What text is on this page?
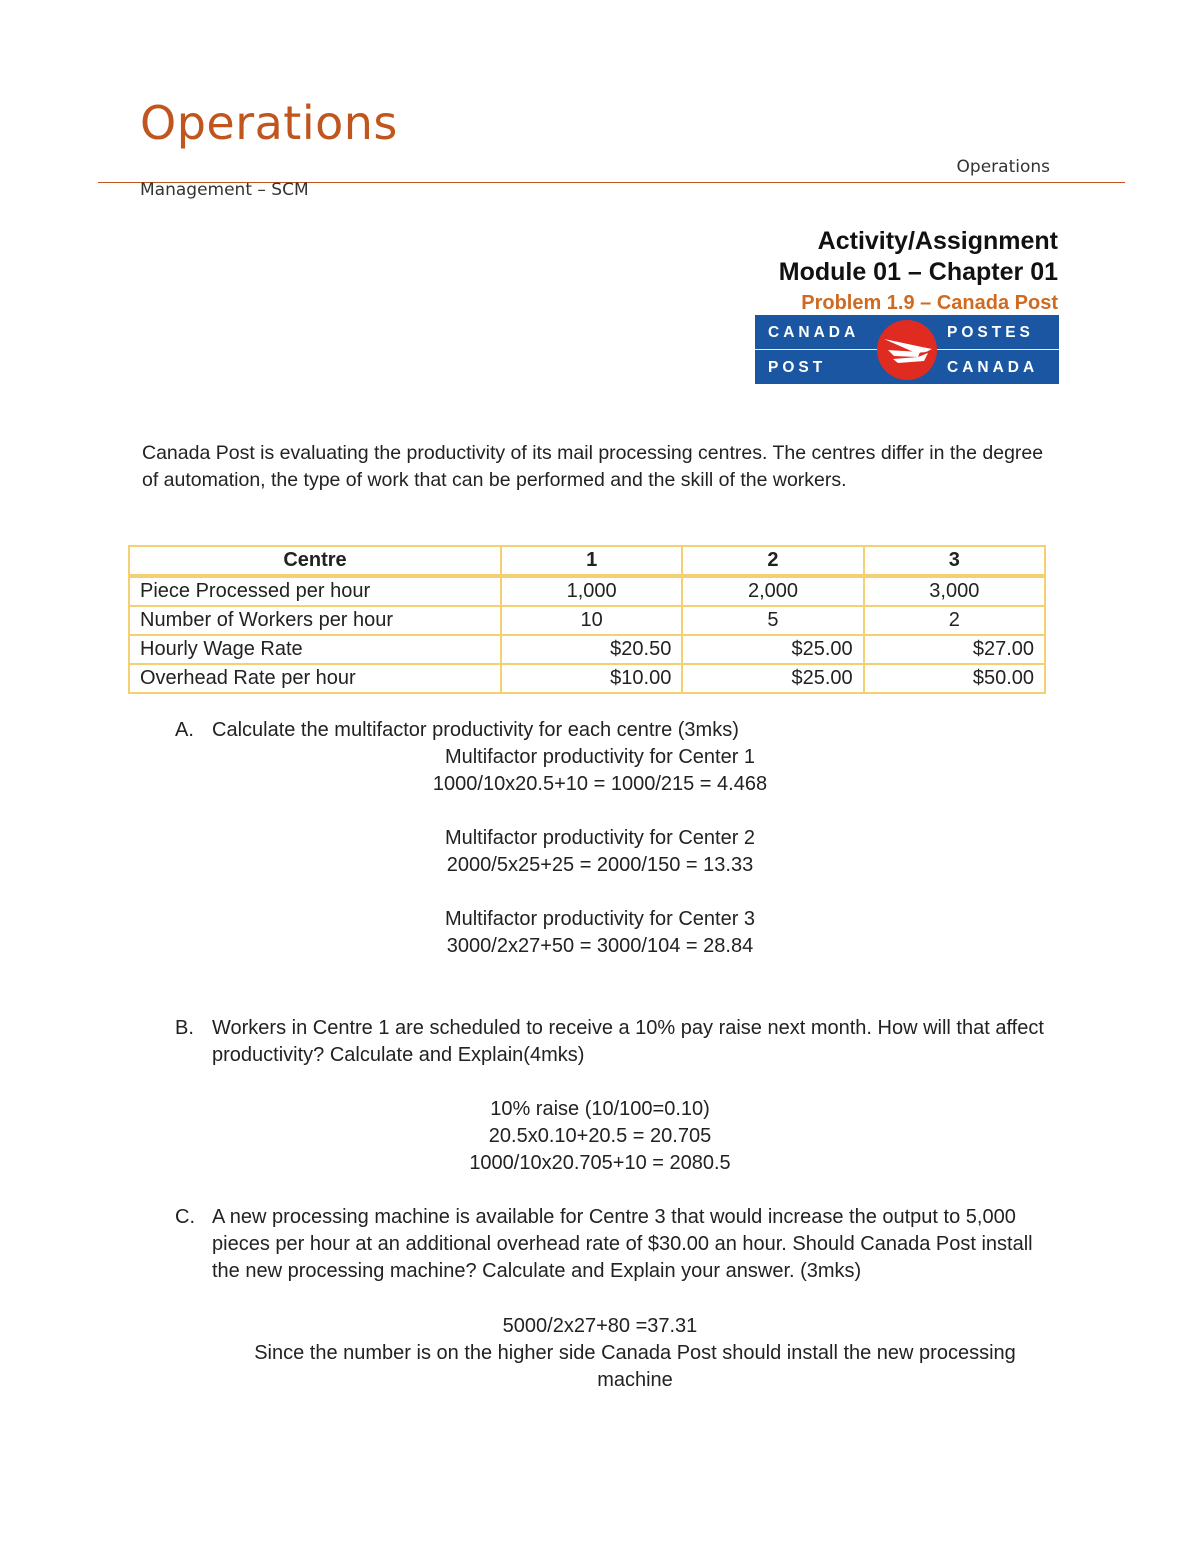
Operations
Operations
Management – SCM
Activity/Assignment
Module 01 – Chapter 01
Problem 1.9 – Canada Post
CANADA
POST
POSTES
CANADA

Canada Post is evaluating the productivity of its mail processing centres. The centres differ in the degree of automation, the type of work that can be performed and the skill of the workers.

Centre	1	2	3
Piece Processed per hour	1,000	2,000	3,000
Number of Workers per hour	10	5	2
Hourly Wage Rate	$20.50	$25.00	$27.00
Overhead Rate per hour	$10.00	$25.00	$50.00
A. Calculate the multifactor productivity for each centre (3mks)

Multifactor productivity for Center 1

1000/10x20.5+10 = 1000/215 = 4.468

Multifactor productivity for Center 2

2000/5x25+25 = 2000/150 = 13.33

Multifactor productivity for Center 3

3000/2x27+50 = 3000/104 = 28.84

B. Workers in Centre 1 are scheduled to receive a 10% pay raise next month. How will that affect productivity? Calculate and Explain(4mks)

10% raise (10/100=0.10)

20.5x0.10+20.5 = 20.705

1000/10x20.705+10 = 2080.5

C. A new processing machine is available for Centre 3 that would increase the output to 5,000 pieces per hour at an additional overhead rate of $30.00 an hour. Should Canada Post install the new processing machine? Calculate and Explain your answer. (3mks)

5000/2x27+80 =37.31

Since the number is on the higher side Canada Post should install the new processing machine
